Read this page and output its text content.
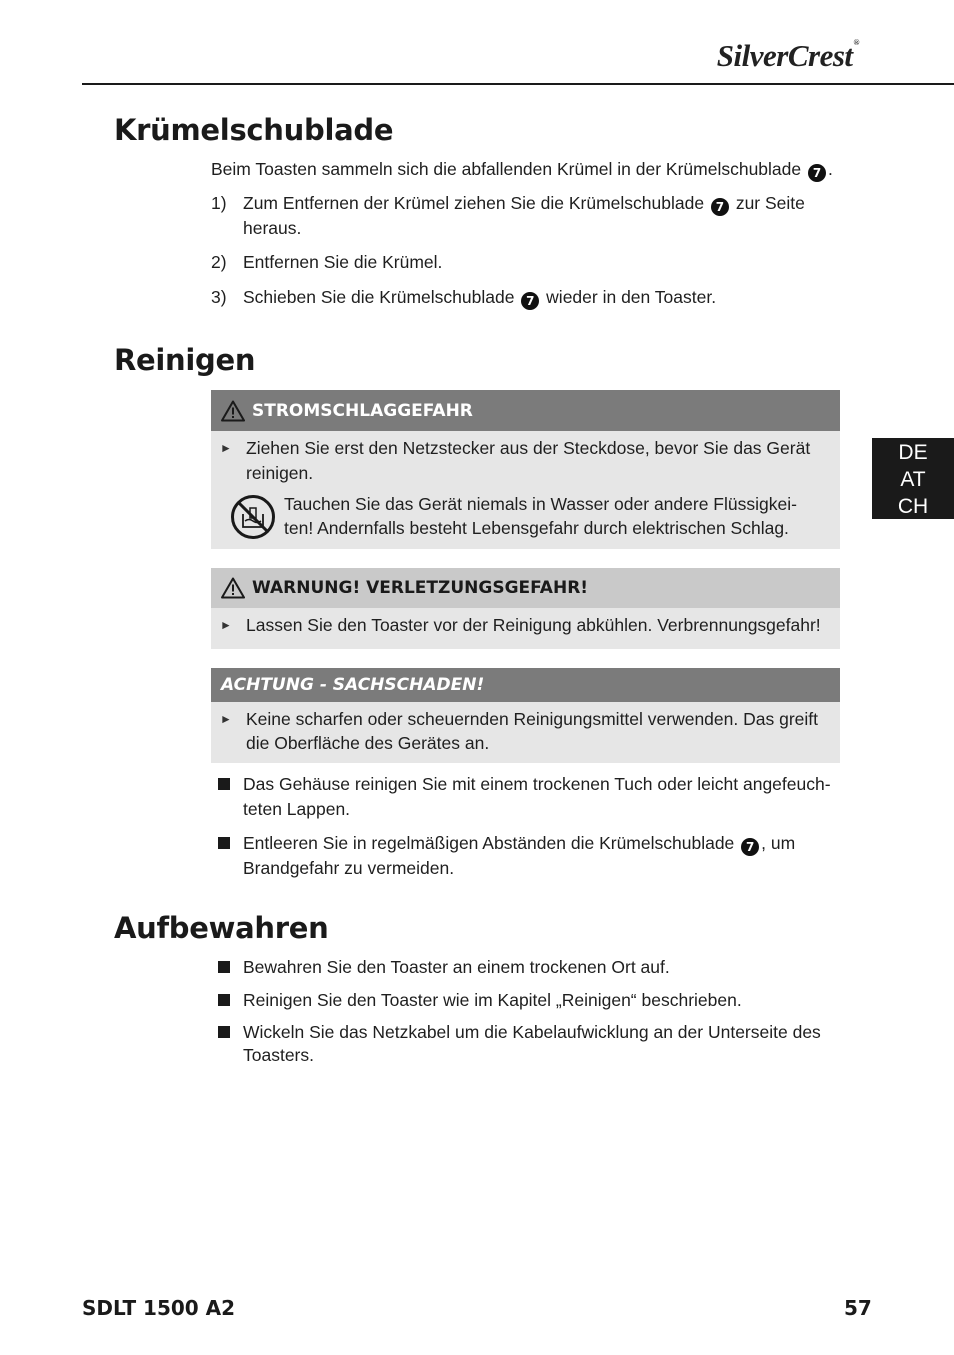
SilverCrest®
Krümelschublade
Beim Toasten sammeln sich die abfallenden Krümel in der Krümelschublade 7 .
1) Zum Entfernen der Krümel ziehen Sie die Krümelschublade 7 zur Seite
heraus.
2) Entfernen Sie die Krümel.
3) Schieben Sie die Krümelschublade 7 wieder in den Toaster.
Reinigen
STROMSCHLAGGEFAHR
► Ziehen Sie erst den Netzstecker aus der Steckdose, bevor Sie das Gerät
reinigen.
Tauchen Sie das Gerät niemals in Wasser oder andere Flüssigkei-
ten! Andernfalls besteht Lebensgefahr durch elektrischen Schlag.
WARNUNG! VERLETZUNGSGEFAHR!
► Lassen Sie den Toaster vor der Reinigung abkühlen. Verbrennungsgefahr!
ACHTUNG - SACHSCHADEN!
► Keine scharfen oder scheuernden Reinigungsmittel verwenden. Das greift
die Oberfläche des Gerätes an.
Das Gehäuse reinigen Sie mit einem trockenen Tuch oder leicht angefeuch-
teten Lappen.
Entleeren Sie in regelmäßigen Abständen die Krümelschublade 7 , um
Brandgefahr zu vermeiden.
Aufbewahren
Bewahren Sie den Toaster an einem trockenen Ort auf.
Reinigen Sie den Toaster wie im Kapitel „Reinigen“ beschrieben.
Wickeln Sie das Netzkabel um die Kabelaufwicklung an der Unterseite des
Toasters.
DE
AT
CH
SDLT 1500 A2	57
